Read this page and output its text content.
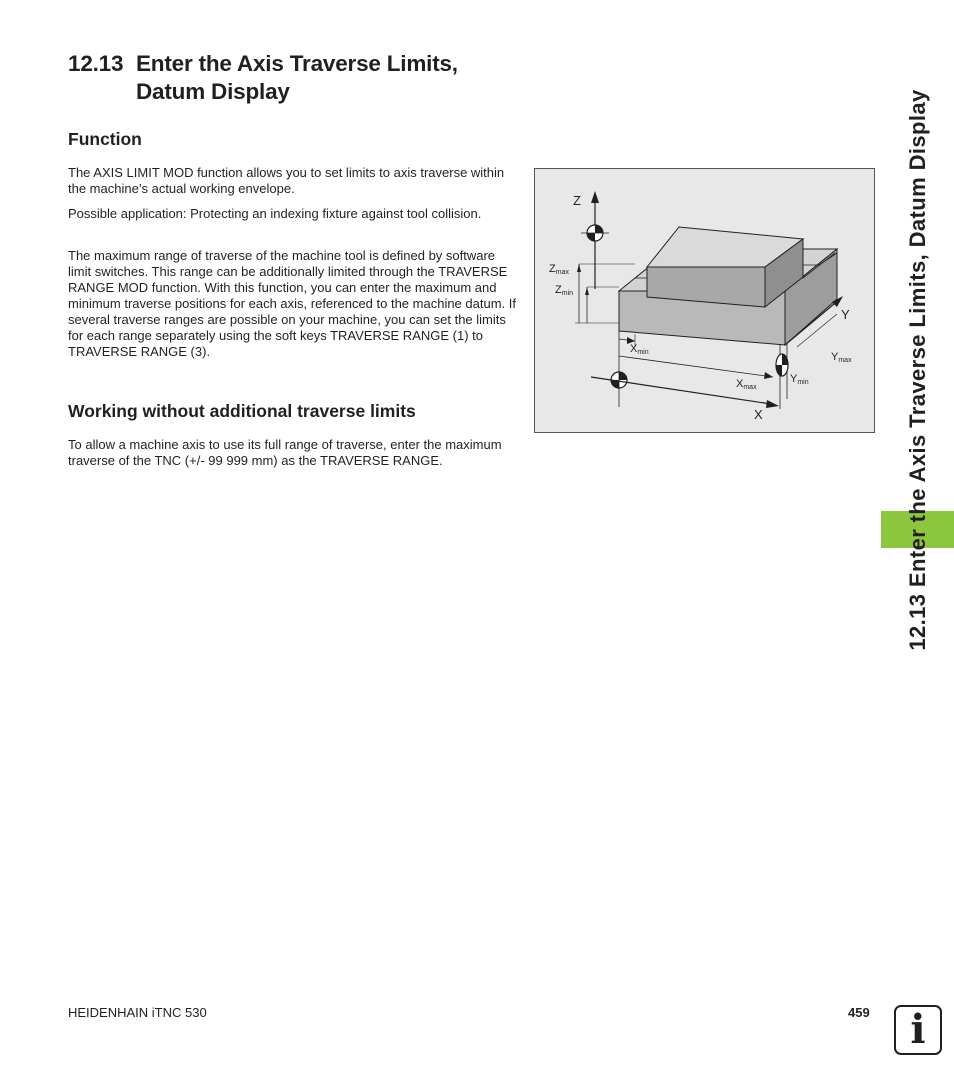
12.13 Enter the Axis Traverse Limits,
Datum Display
Function

The AXIS LIMIT MOD function allows you to set limits to axis traverse within the machine’s actual working envelope.

Possible application: Protecting an indexing fixture against tool collision.

The maximum range of traverse of the machine tool is defined by software limit switches. This range can be additionally limited through the TRAVERSE RANGE MOD function. With this function, you can enter the maximum and minimum traverse positions for each axis, referenced to the machine datum. If several traverse ranges are possible on your machine, you can set the limits for each range separately using the soft keys TRAVERSE RANGE (1) to TRAVERSE RANGE (3).

Working without additional traverse limits

To allow a machine axis to use its full range of traverse, enter the maximum traverse of the TNC (+/- 99 999 mm) as the TRAVERSE RANGE.

Z
Zmax
Zmin
Y
Ymax
Ymin
X
Xmin
Xmax	12.13 Enter the Axis Traverse Limits, Datum Display
HEIDENHAIN iTNC 530	459	i
